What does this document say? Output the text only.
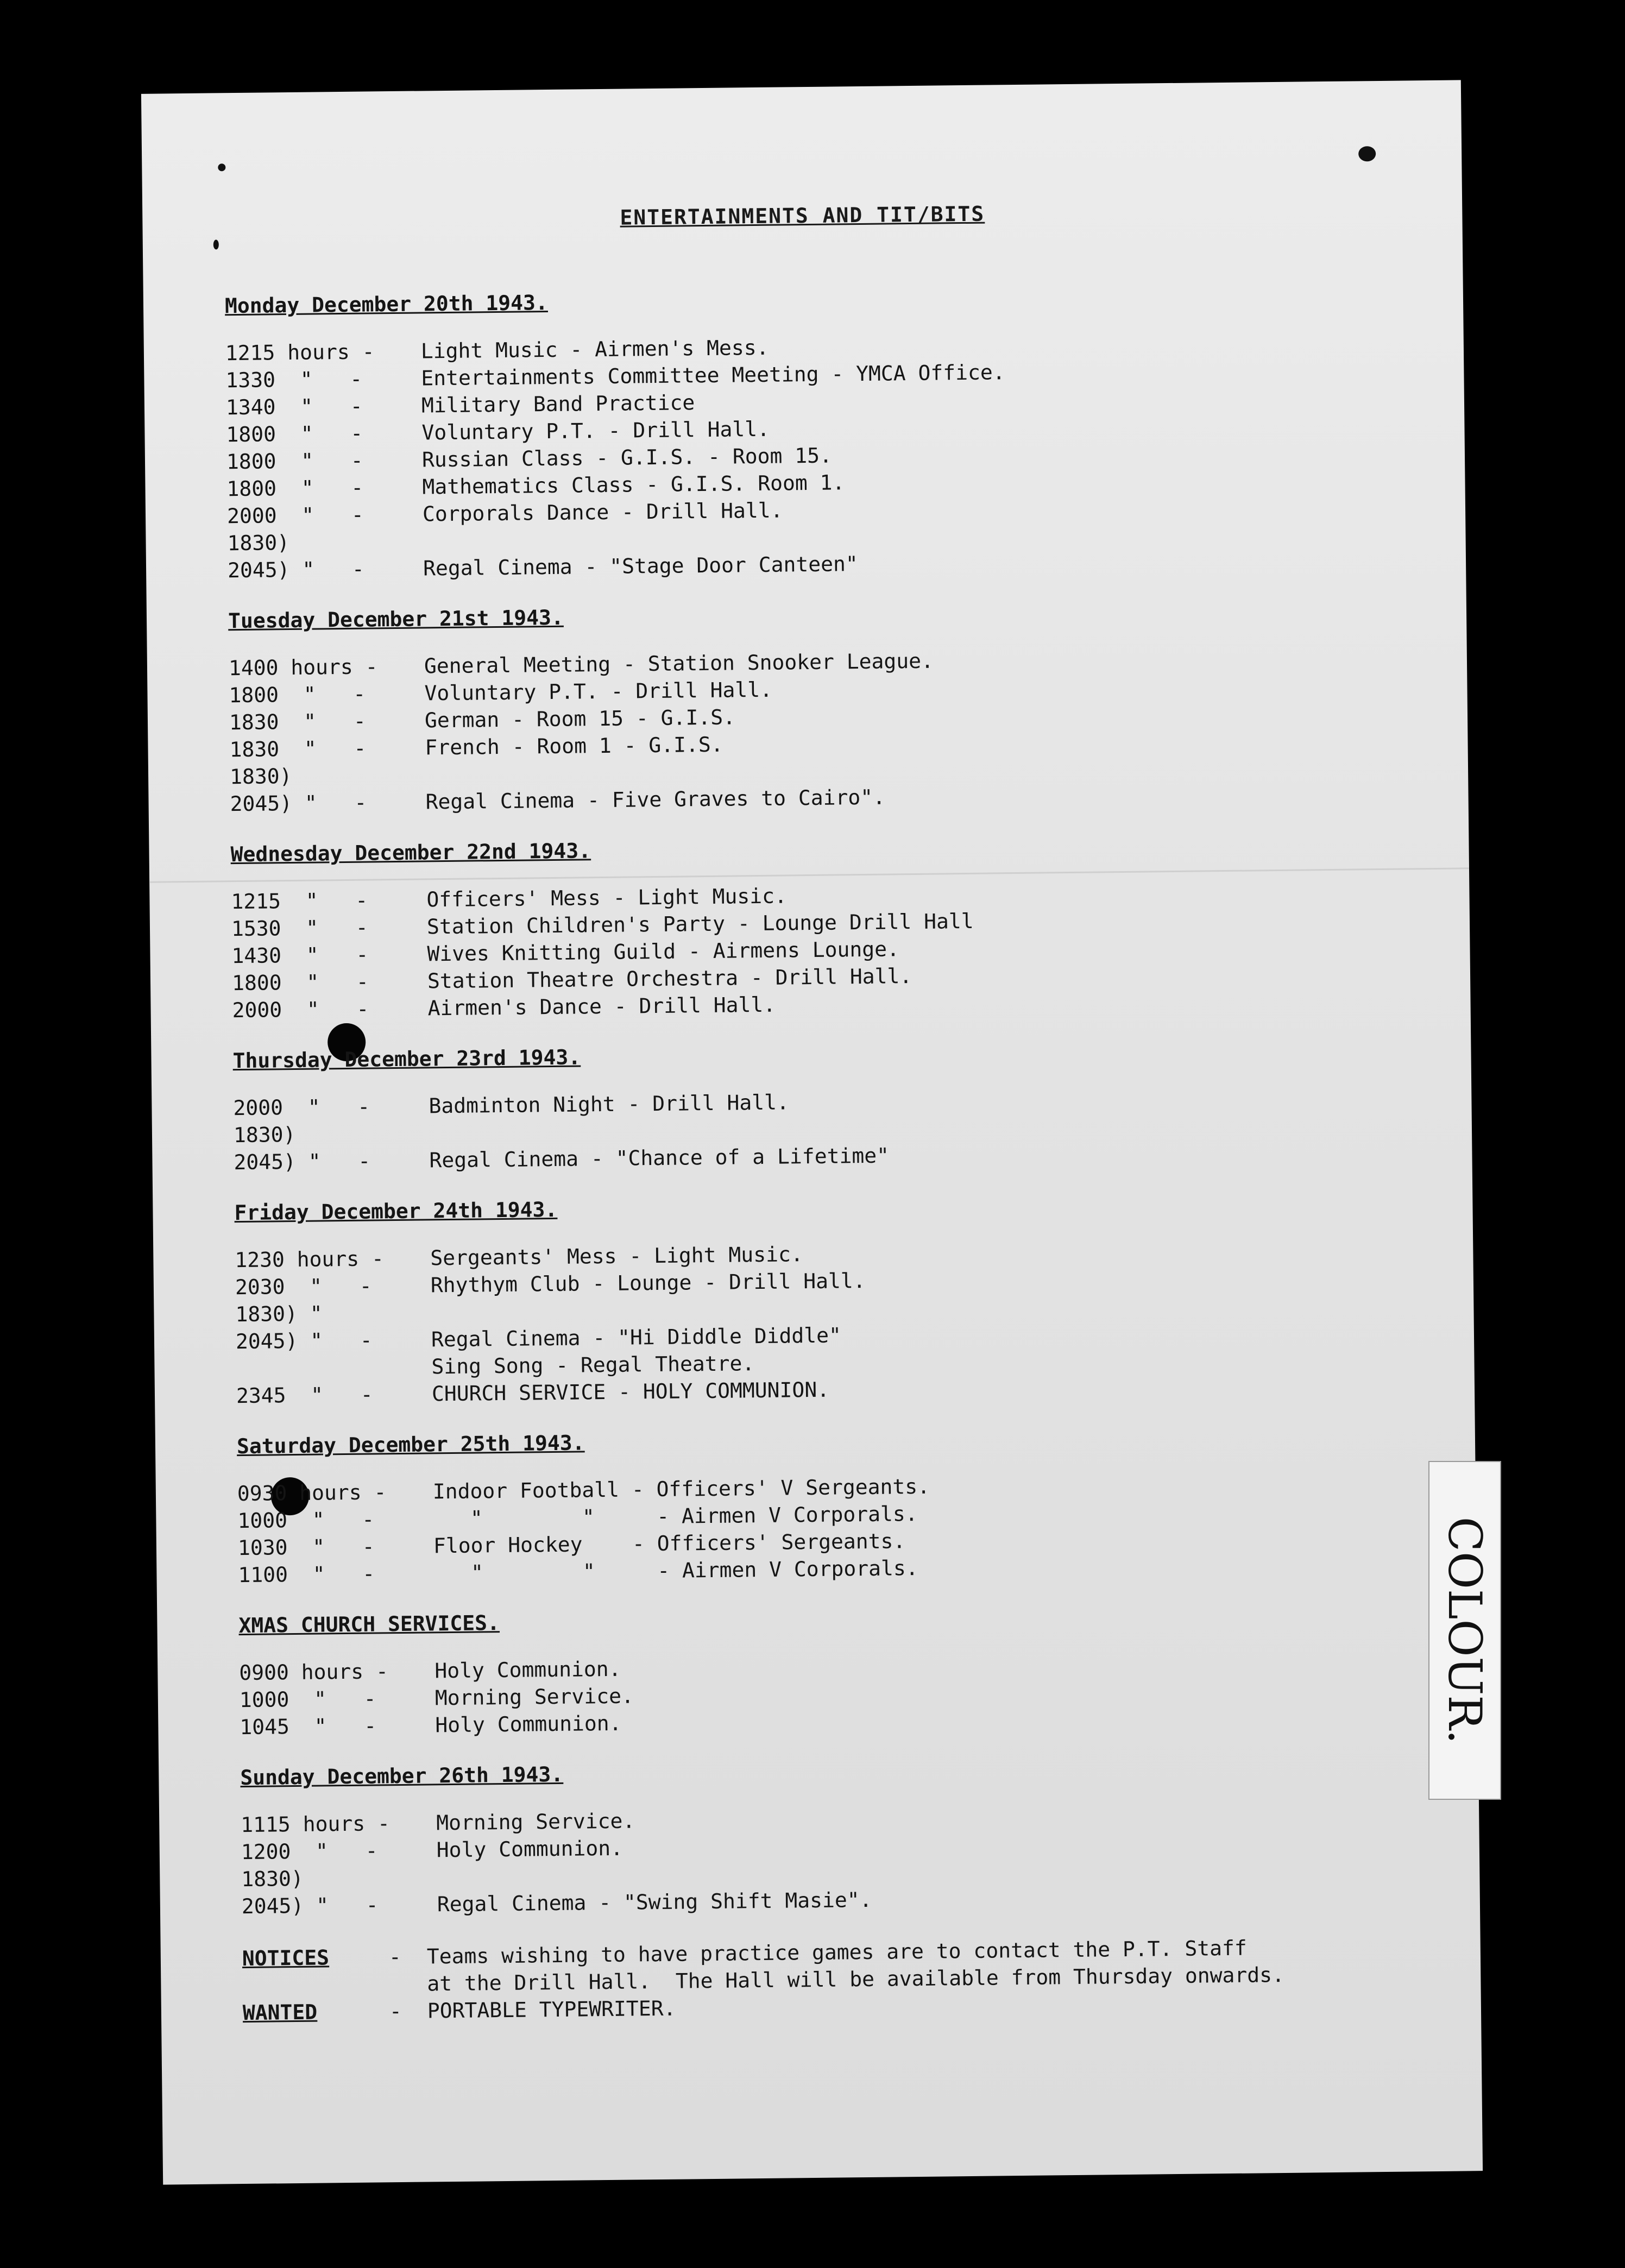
ENTERTAINMENTS AND TIT/BITS
Monday December 20th 1943.
1215 hours -	Light Music - Airmen's Mess.
1330  "   -	Entertainments Committee Meeting - YMCA Office.
1340  "   -	Military Band Practice
1800  "   -	Voluntary P.T. - Drill Hall.
1800  "   -	Russian Class - G.I.S. - Room 15.
1800  "   -	Mathematics Class - G.I.S. Room 1.
2000  "   -	Corporals Dance - Drill Hall.
1830)
2045) "   -	Regal Cinema - "Stage Door Canteen"
Tuesday December 21st 1943.
1400 hours -	General Meeting - Station Snooker League.
1800  "   -	Voluntary P.T. - Drill Hall.
1830  "   -	German - Room 15 - G.I.S.
1830  "   -	French - Room 1 - G.I.S.
1830)
2045) "   -	Regal Cinema - Five Graves to Cairo".
Wednesday December 22nd 1943.
1215  "   -	Officers' Mess - Light Music.
1530  "   -	Station Children's Party - Lounge Drill Hall
1430  "   -	Wives Knitting Guild - Airmens Lounge.
1800  "   -	Station Theatre Orchestra - Drill Hall.
2000  "   -	Airmen's Dance - Drill Hall.
Thursday December 23rd 1943.
2000  "   -	Badminton Night - Drill Hall.
1830)
2045) "   -	Regal Cinema - "Chance of a Lifetime"
Friday December 24th 1943.
1230 hours -	Sergeants' Mess - Light Music.
2030  "   -	Rhythym Club - Lounge - Drill Hall.
1830) "
2045) "   -	Regal Cinema - "Hi Diddle Diddle"
Sing Song - Regal Theatre.
2345  "   -	CHURCH SERVICE - HOLY COMMUNION.
Saturday December 25th 1943.
0930 hours -	Indoor Football - Officers' V Sergeants.
1000  "   -	"        "     - Airmen V Corporals.
1030  "   -	Floor Hockey    - Officers' Sergeants.
1100  "   -	"        "     - Airmen V Corporals.
XMAS CHURCH SERVICES.
0900 hours -	Holy Communion.
1000  "   -	Morning Service.
1045  "   -	Holy Communion.
Sunday December 26th 1943.
1115 hours -	Morning Service.
1200  "   -	Holy Communion.
1830)
2045) "   -	Regal Cinema - "Swing Shift Masie".
NOTICES	-	Teams wishing to have practice games are to contact the P.T. Staff
at the Drill Hall.  The Hall will be available from Thursday onwards.
WANTED	-	PORTABLE TYPEWRITER.
COLOUR.
